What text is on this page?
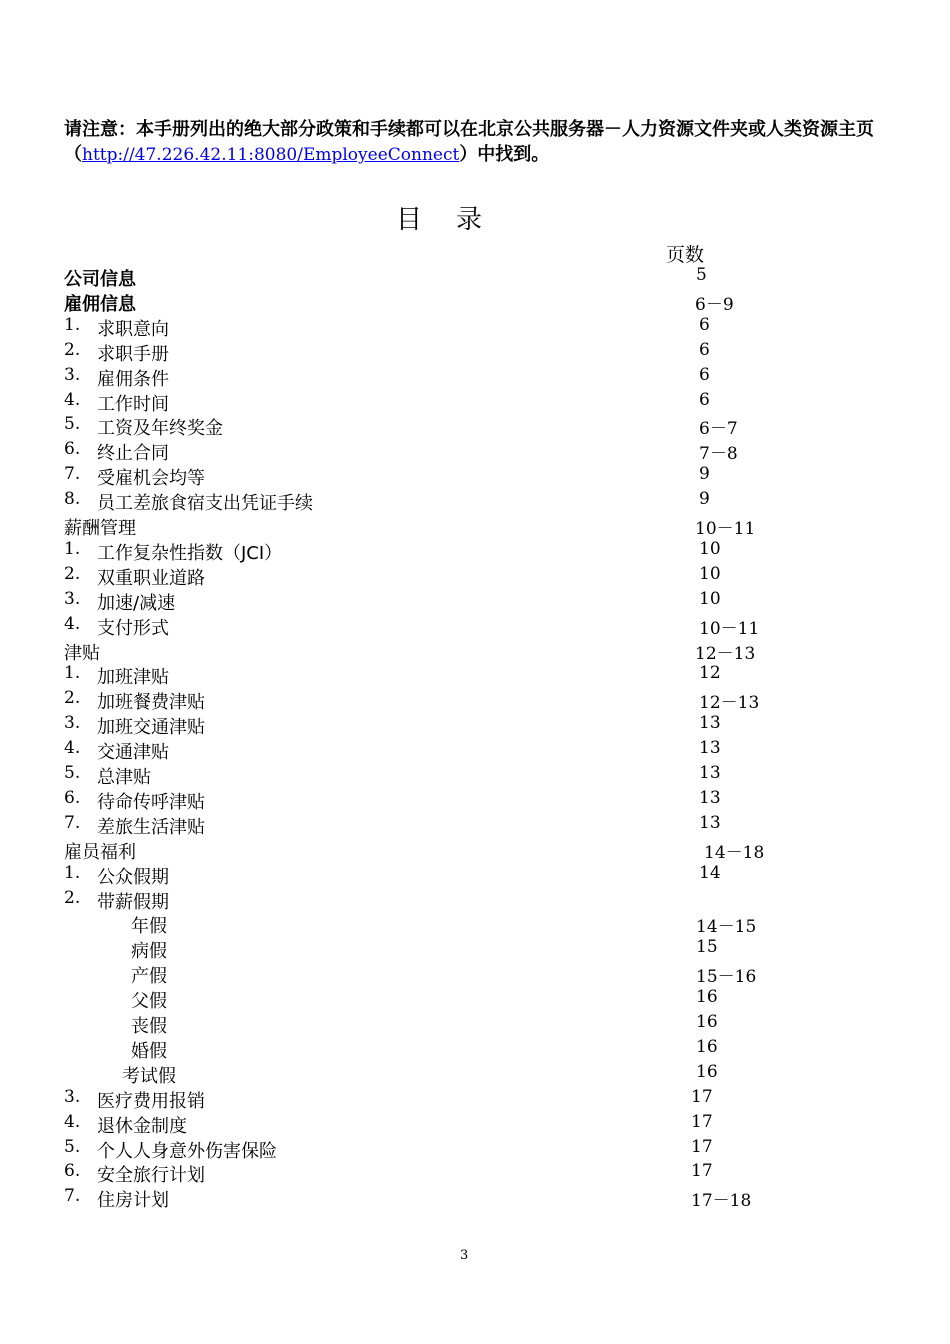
请注意：本手册列出的绝大部分政策和手续都可以在北京公共服务器－人力资源文件夹或人类资源主页（http://47.226.42.11:8080/EmployeeConnect）中找到。
目录
页数
公司信息	5
雇佣信息	6－9
1. 求职意向	6
2. 求职手册	6
3. 雇佣条件	6
4. 工作时间	6
5. 工资及年终奖金	6－7
6. 终止合同	7－8
7. 受雇机会均等	9
8. 员工差旅食宿支出凭证手续	9
薪酬管理	10－11
1. 工作复杂性指数（JCI）	10
2. 双重职业道路	10
3. 加速/减速	10
4. 支付形式	10－11
津贴	12－13
1. 加班津贴	12
2. 加班餐费津贴	12－13
3. 加班交通津贴	13
4. 交通津贴	13
5. 总津贴	13
6. 待命传呼津贴	13
7. 差旅生活津贴	13
雇员福利	14－18
1. 公众假期	14
2. 带薪假期
年假	14－15
病假	15
产假	15－16
父假	16
丧假	16
婚假	16
考试假	16
3. 医疗费用报销	17
4. 退休金制度	17
5. 个人人身意外伤害保险	17
6. 安全旅行计划	17
7. 住房计划	17－18
3
